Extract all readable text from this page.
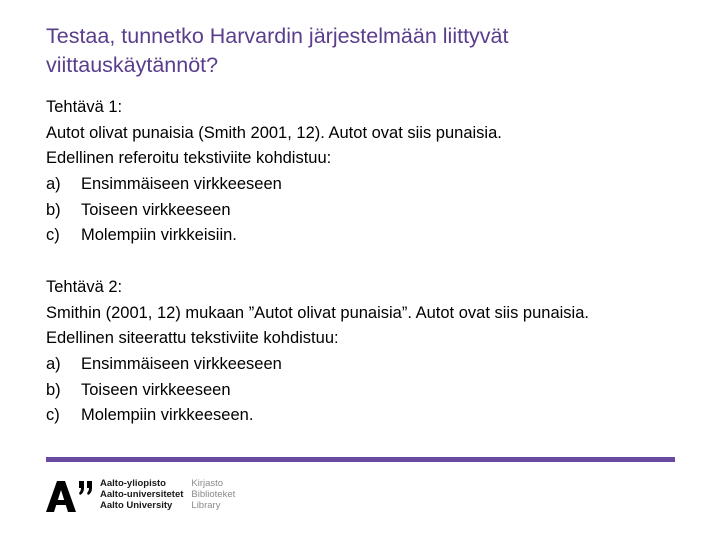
Testaa, tunnetko Harvardin järjestelmään liittyvät viittauskäytännöt?
Tehtävä 1:
Autot olivat punaisia (Smith 2001, 12). Autot ovat siis punaisia.
Edellinen referoitu tekstiviite kohdistuu:
a)	Ensimmäiseen virkkeeseen
b)	Toiseen virkkeeseen
c)	Molempiin virkkeisiin.
Tehtävä 2:
Smithin (2001, 12) mukaan ”Autot olivat punaisia”. Autot ovat siis punaisia.
Edellinen siteerattu tekstiviite kohdistuu:
a)	Ensimmäiseen virkkeeseen
b)	Toiseen virkkeeseen
c)	Molempiin virkkeeseen.
Aalto-yliopisto	Kirjasto
Aalto-universitetet Biblioteket
Aalto University	Library
